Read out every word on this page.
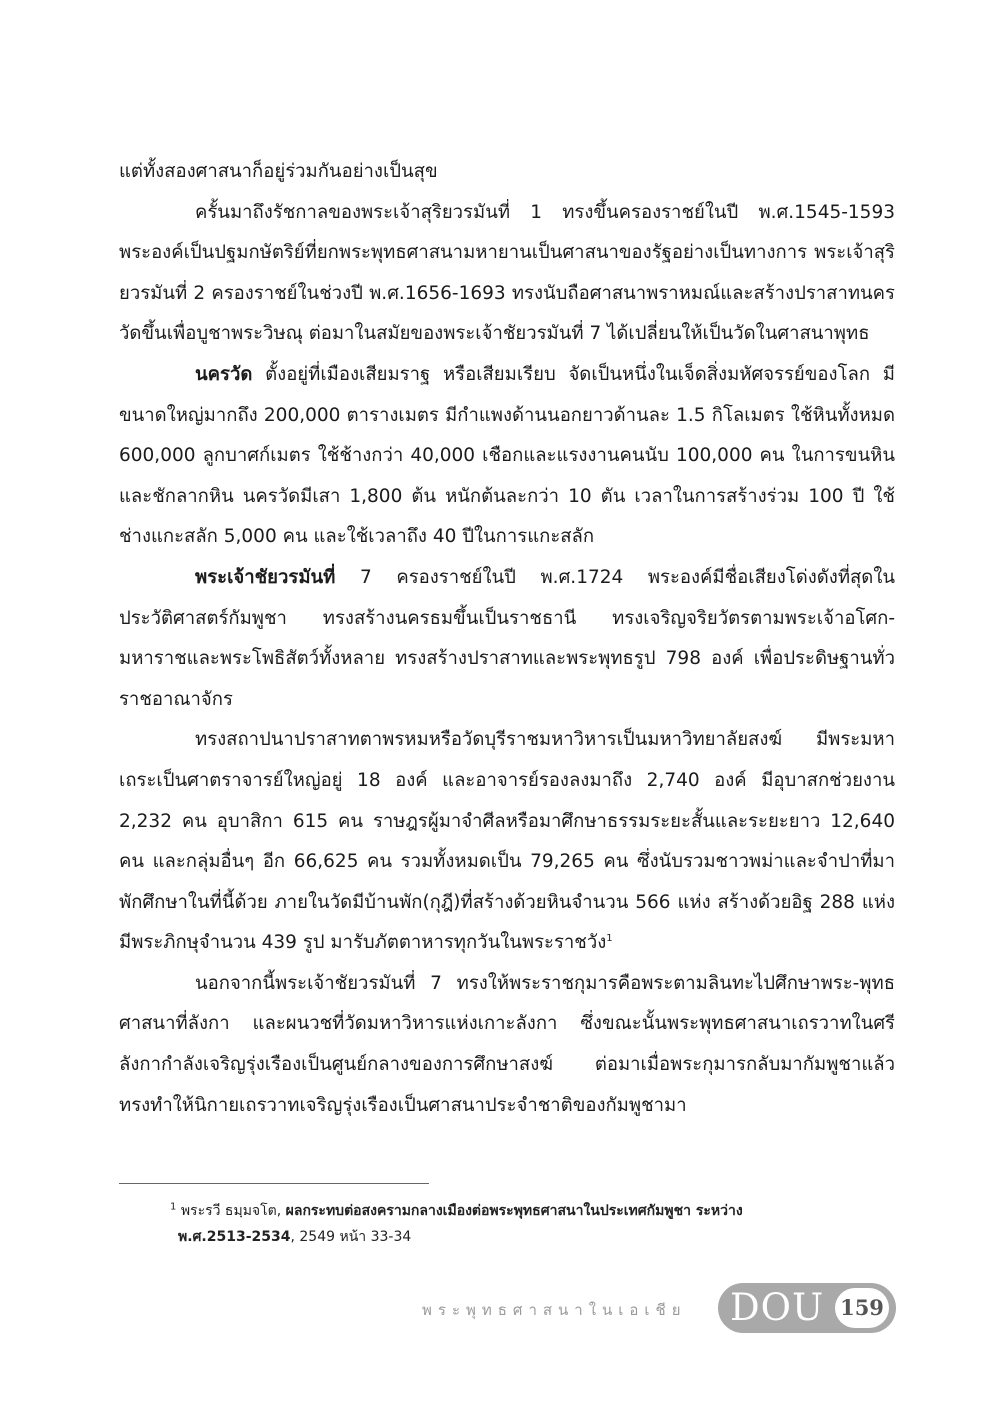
แต่ทั้งสองศาสนาก็อยู่ร่วมกันอย่างเป็นสุข

ครั้นมาถึงรัชกาลของพระเจ้าสุริยวรมันที่ 1 ทรงขึ้นครองราชย์ในปี พ.ศ.1545-1593 พระองค์เป็นปฐมกษัตริย์ที่ยกพระพุทธศาสนามหายานเป็นศาสนาของรัฐอย่างเป็นทางการ พระเจ้าสุริยวรมันที่ 2 ครองราชย์ในช่วงปี พ.ศ.1656-1693 ทรงนับถือศาสนาพราหมณ์และสร้างปราสาทนครวัดขึ้นเพื่อบูชาพระวิษณุ ต่อมาในสมัยของพระเจ้าชัยวรมันที่ 7 ได้เปลี่ยนให้เป็นวัดในศาสนาพุทธ

นครวัด ตั้งอยู่ที่เมืองเสียมราฐ หรือเสียมเรียบ จัดเป็นหนึ่งในเจ็ดสิ่งมหัศจรรย์ของโลก มีขนาดใหญ่มากถึง 200,000 ตารางเมตร มีกำแพงด้านนอกยาวด้านละ 1.5 กิโลเมตร ใช้หินทั้งหมด 600,000 ลูกบาศก์เมตร ใช้ช้างกว่า 40,000 เชือกและแรงงานคนนับ 100,000 คน ในการขนหินและชักลากหิน นครวัดมีเสา 1,800 ต้น หนักต้นละกว่า 10 ตัน เวลาในการสร้างร่วม 100 ปี ใช้ช่างแกะสลัก 5,000 คน และใช้เวลาถึง 40 ปีในการแกะสลัก

พระเจ้าชัยวรมันที่ 7 ครองราชย์ในปี พ.ศ.1724 พระองค์มีชื่อเสียงโด่งดังที่สุดในประวัติศาสตร์กัมพูชา ทรงสร้างนครธมขึ้นเป็นราชธานี ทรงเจริญจริยวัตรตามพระเจ้าอโศก-มหาราชและพระโพธิสัตว์ทั้งหลาย ทรงสร้างปราสาทและพระพุทธรูป 798 องค์ เพื่อประดิษฐานทั่วราชอาณาจักร

ทรงสถาปนาปราสาทตาพรหมหรือวัดบุรีราชมหาวิหารเป็นมหาวิทยาลัยสงฆ์ มีพระมหาเถระเป็นศาตราจารย์ใหญ่อยู่ 18 องค์ และอาจารย์รองลงมาถึง 2,740 องค์ มีอุบาสกช่วยงาน 2,232 คน อุบาสิกา 615 คน ราษฎรผู้มาจำศีลหรือมาศึกษาธรรมระยะสั้นและระยะยาว 12,640 คน และกลุ่มอื่นๆ อีก 66,625 คน รวมทั้งหมดเป็น 79,265 คน ซึ่งนับรวมชาวพม่าและจำปาที่มาพักศึกษาในที่นี้ด้วย ภายในวัดมีบ้านพัก(กุฎี)ที่สร้างด้วยหินจำนวน 566 แห่ง สร้างด้วยอิฐ 288 แห่ง มีพระภิกษุจำนวน 439 รูป มารับภัตตาหารทุกวันในพระราชวัง$^1$

นอกจากนี้พระเจ้าชัยวรมันที่ 7 ทรงให้พระราชกุมารคือพระตามลินทะไปศึกษาพระ-พุทธศาสนาที่ลังกา และผนวชที่วัดมหาวิหารแห่งเกาะลังกา ซึ่งขณะนั้นพระพุทธศาสนาเถรวาทในศรีลังกากำลังเจริญรุ่งเรืองเป็นศูนย์กลางของการศึกษาสงฆ์ ต่อมาเมื่อพระกุมารกลับมากัมพูชาแล้ว ทรงทำให้นิกายเถรวาทเจริญรุ่งเรืองเป็นศาสนาประจำชาติของกัมพูชามา

$^1$ พระรวี ธมฺมจโต, ผลกระทบต่อสงครามกลางเมืองต่อพระพุทธศาสนาในประเทศกัมพูชา ระหว่าง
พ.ศ.2513-2534, 2549 หน้า 33-34
พระพุทธศาสนาในเอเชีย	DOU 159
